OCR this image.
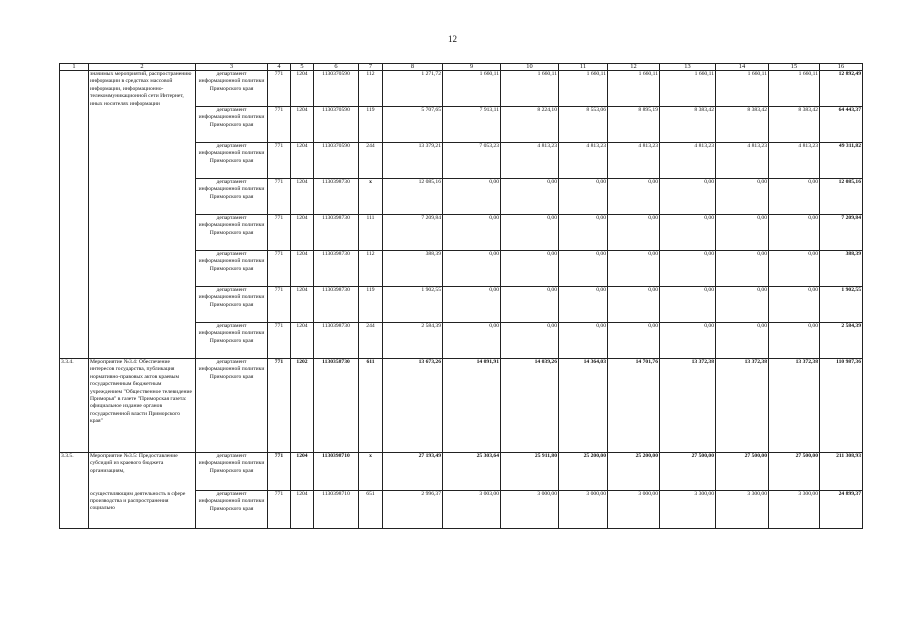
12
1	2	3	4	5	6	7	8	9	10	11	12	13	14	15	16
	значимых мероприятий, распространению информации в средствах массовой информации, информационно-телекоммуникационной сети Интернет, иных носителях информации	департамент информационной политики Приморского края	771	1204	1130370590	112	1 271,72	1 660,11	1 660,11	1 660,11	1 660,11	1 660,11	1 660,11	1 660,11	12 892,49
		департамент информационной политики Приморского края	771	1204	1130370590	119	5 707,65	7 913,11	8 224,10	8 553,06	8 895,19	8 383,42	8 383,42	8 383,42	64 443,37
		департамент информационной политики Приморского края	771	1204	1130370590	244	13 379,21	7 053,23	4 813,23	4 813,23	4 813,23	4 813,23	4 813,23	4 813,23	49 311,82
		департамент информационной политики Приморского края	771	1204	1130398730	x	12 085,16	0,00	0,00	0,00	0,00	0,00	0,00	0,00	12 085,16
		департамент информационной политики Приморского края	771	1204	1130398730	111	7 209,84	0,00	0,00	0,00	0,00	0,00	0,00	0,00	7 209,84
		департамент информационной политики Приморского края	771	1204	1130398730	112	388,39	0,00	0,00	0,00	0,00	0,00	0,00	0,00	388,39
		департамент информационной политики Приморского края	771	1204	1130398730	119	1 902,55	0,00	0,00	0,00	0,00	0,00	0,00	0,00	1 902,55
		департамент информационной политики Приморского края	771	1204	1130398730	244	2 584,39	0,00	0,00	0,00	0,00	0,00	0,00	0,00	2 584,39
3.3.4.	Мероприятие №3.4: Обеспечение интересов государства, публикация нормативно-правовых актов краевым государственным бюджетным учреждением "Общественное телевидение Приморья" в газете "Приморская газета: официальное издание органов государственной власти Приморского края"	департамент информационной политики Приморского края	771	1202	1130358730	611	13 673,26	14 091,91	14 039,26	14 364,03	14 701,76	13 372,38	13 372,38	13 372,38	110 987,36
3.3.5.	Мероприятие №3.5: Предоставление субсидий из краевого бюджета организациям,	департамент информационной политики Приморского края	771	1204	1130398710	x	27 193,49	25 303,64	25 911,80	25 200,00	25 200,00	27 500,00	27 500,00	27 500,00	211 308,93
	осуществляющим деятельность в сфере производства и распространения социально	департамент информационной политики Приморского края	771	1204	1130398710	651	2 996,37	3 003,00	3 000,00	3 000,00	3 000,00	3 300,00	3 300,00	3 300,00	24 899,37
